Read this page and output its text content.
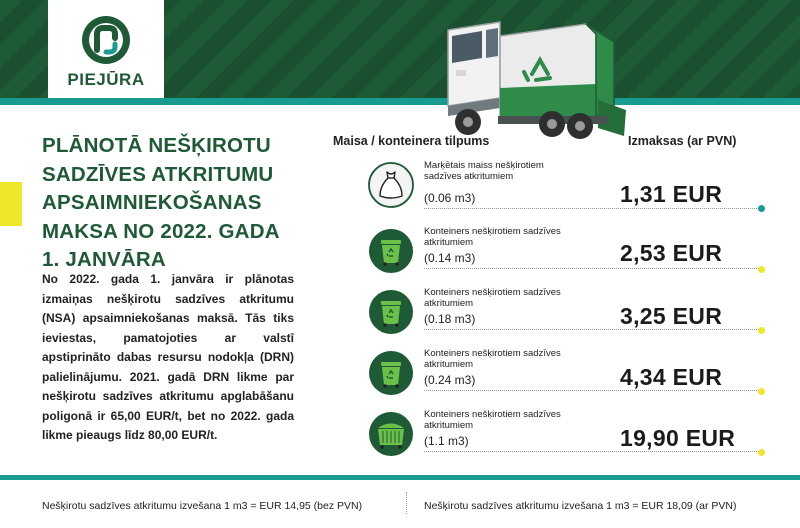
PIEJŪRA
PLĀNOTĀ NEŠĶIROTU SADZĪVES ATKRITUMU APSAIMNIEKOŠANAS MAKSA NO 2022. GADA 1. JANVĀRA

No 2022. gada 1. janvāra ir plānotas izmaiņas nešķirotu sadzīves atkritumu (NSA) apsaimniekošanas maksā. Tās tiks ieviestas, pamatojoties ar valstī apstiprināto dabas resursu nodokļa (DRN) palielinājumu. 2021. gadā DRN likme par nešķirotu sadzīves atkritumu apglabāšanu poligonā ir 65,00 EUR/t, bet no 2022. gada likme pieaugs līdz 80,00 EUR/t.

Maisa / konteinera tilpums	Izmaksas (ar PVN)
Marķētais maiss nešķirotiem sadzīves atkritumiem
(0.06 m3)	1,31 EUR
Konteiners nešķirotiem sadzīves atkritumiem
(0.14 m3)	2,53 EUR
Konteiners nešķirotiem sadzīves atkritumiem
(0.18 m3)	3,25 EUR
Konteiners nešķirotiem sadzīves atkritumiem
(0.24 m3)	4,34 EUR
Konteiners nešķirotiem sadzīves atkritumiem
(1.1 m3)	19,90 EUR
Nešķirotu sadzīves atkritumu izvešana 1 m3 = EUR 14,95 (bez PVN)	Nešķirotu sadzīves atkritumu izvešana 1 m3 = EUR 18,09 (ar PVN)
